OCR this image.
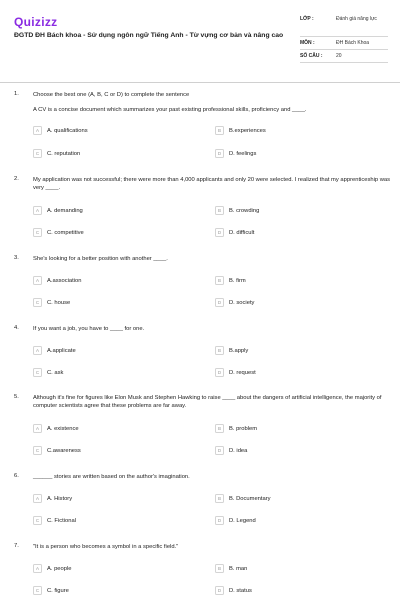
Quizizz
ĐGTD ĐH Bách khoa - Sử dụng ngôn ngữ Tiếng Anh - Từ vựng cơ bản và nâng cao
LỚP :	Đánh giá năng lực
MÔN :	ĐH Bách Khoa
SỐ CÂU :	20
1. Choose the best one (A, B, C or D) to complete the sentence
A CV is a concise document which summarizes your past existing professional skills, proficiency and ____.
A	A. qualifications	B	B.experiences
C	C. reputation	D	D. feelings
2. My application was not successful; there were more than 4,000 applicants and only 20 were selected. I realized that my apprenticeship was very ____.
A	A. demanding	B	B. crowding
C	C. competitive	D	D. difficult
3. She's looking for a better position with another ____.
A	A.association	B	B. firm
C	C. house	D	D. society
4. If you want a job, you have to ____ for one.
A	A.applicate	B	B.apply
C	C. ask	D	D. request
5. Although it's fine for figures like Elon Musk and Stephen Hawking to raise ____ about the dangers of artificial intelligence, the majority of computer scientists agree that these problems are far away.
A	A. existence	B	B. problem
C	C.awareness	D	D. idea
6. ______ stories are written based on the author's imagination.
A	A. History	B	B. Documentary
C	C. Fictional	D	D. Legend
7. "It is a person who becomes a symbol in a specific field."
A	A. people	B	B. man
C	C. figure	D	D. status
